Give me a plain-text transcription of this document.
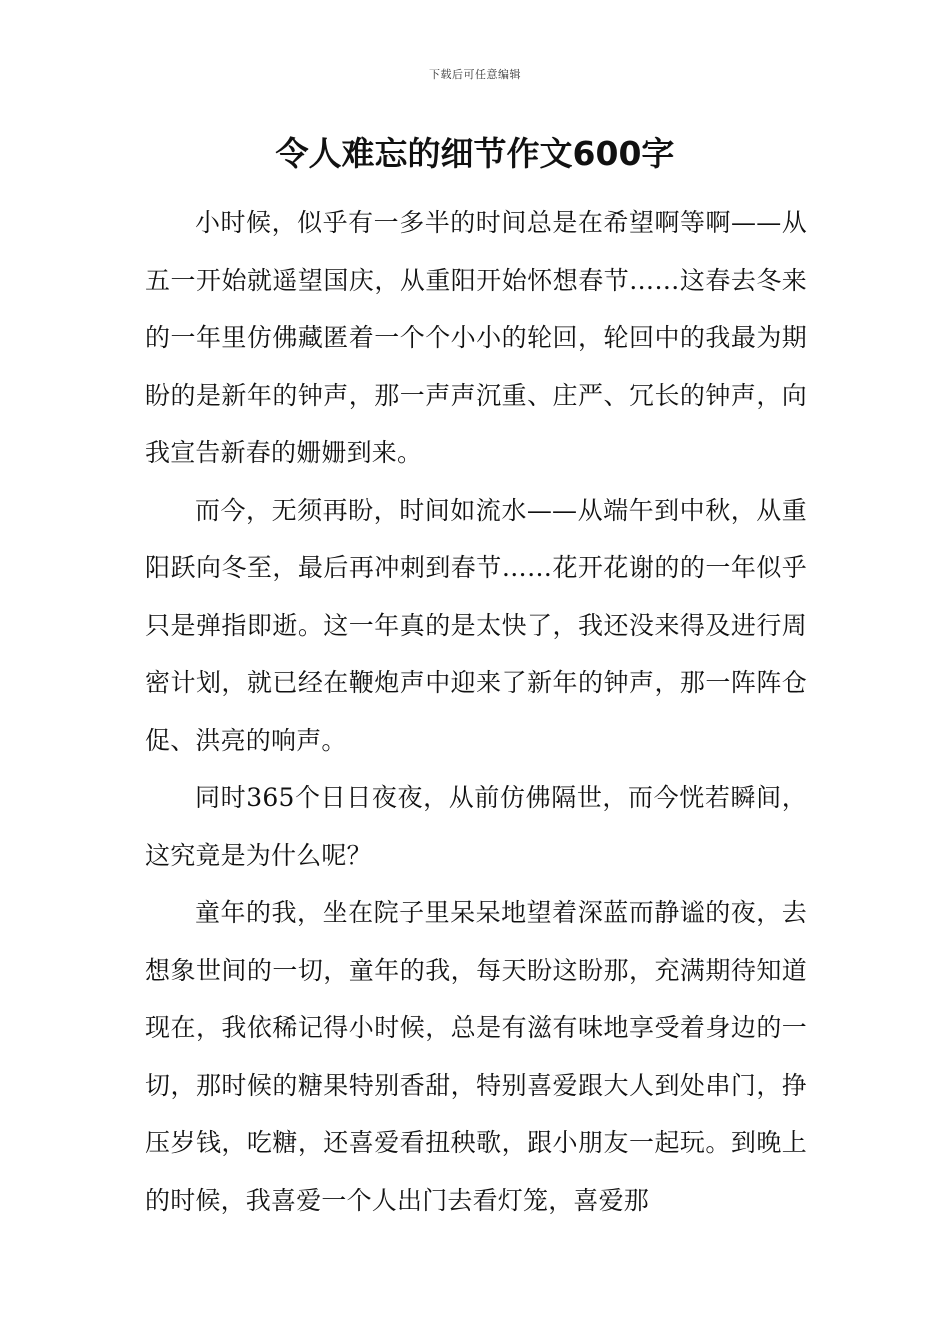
下载后可任意编辑
令人难忘的细节作文600字

小时候，似乎有一多半的时间总是在希望啊等啊——从五一开始就遥望国庆，从重阳开始怀想春节……这春去冬来的一年里仿佛藏匿着一个个小小的轮回，轮回中的我最为期盼的是新年的钟声，那一声声沉重、庄严、冗长的钟声，向我宣告新春的姗姗到来。

而今，无须再盼，时间如流水——从端午到中秋，从重阳跃向冬至，最后再冲刺到春节……花开花谢的的一年似乎只是弹指即逝。这一年真的是太快了，我还没来得及进行周密计划，就已经在鞭炮声中迎来了新年的钟声，那一阵阵仓促、洪亮的响声。

同时365个日日夜夜，从前仿佛隔世，而今恍若瞬间，这究竟是为什么呢？

童年的我，坐在院子里呆呆地望着深蓝而静谧的夜，去想象世间的一切，童年的我，每天盼这盼那，充满期待知道现在，我依稀记得小时候，总是有滋有味地享受着身边的一切，那时候的糖果特别香甜，特别喜爱跟大人到处串门，挣压岁钱，吃糖，还喜爱看扭秧歌，跟小朋友一起玩。到晚上的时候，我喜爱一个人出门去看灯笼，喜爱那
